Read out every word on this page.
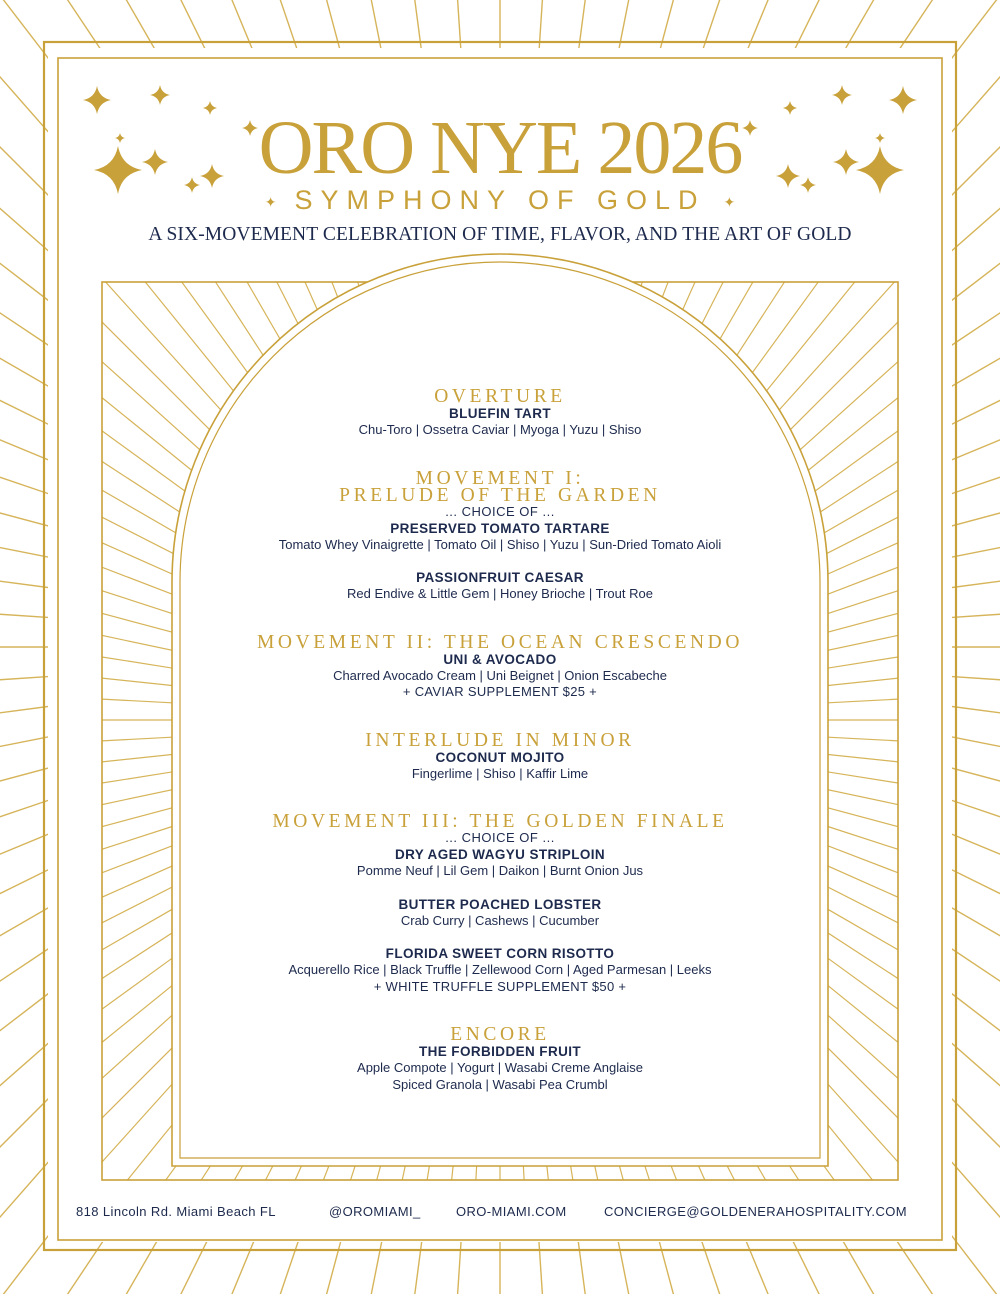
ORO NYE 2026
✦ SYMPHONY OF GOLD ✦
A SIX-MOVEMENT CELEBRATION OF TIME, FLAVOR, AND THE ART OF GOLD
OVERTURE
BLUEFIN TART
Chu-Toro | Ossetra Caviar | Myoga | Yuzu | Shiso
MOVEMENT I:
PRELUDE OF THE GARDEN
... CHOICE OF ...
PRESERVED TOMATO TARTARE
Tomato Whey Vinaigrette | Tomato Oil | Shiso | Yuzu | Sun-Dried Tomato Aioli
PASSIONFRUIT CAESAR
Red Endive & Little Gem | Honey Brioche | Trout Roe
MOVEMENT II: THE OCEAN CRESCENDO
UNI & AVOCADO
Charred Avocado Cream | Uni Beignet | Onion Escabeche
+ CAVIAR SUPPLEMENT $25 +
INTERLUDE IN MINOR
COCONUT MOJITO
Fingerlime | Shiso | Kaffir Lime
MOVEMENT III: THE GOLDEN FINALE
... CHOICE OF ...
DRY AGED WAGYU STRIPLOIN
Pomme Neuf | Lil Gem | Daikon | Burnt Onion Jus
BUTTER POACHED LOBSTER
Crab Curry | Cashews | Cucumber
FLORIDA SWEET CORN RISOTTO
Acquerello Rice | Black Truffle | Zellewood Corn | Aged Parmesan | Leeks
+ WHITE TRUFFLE SUPPLEMENT $50 +
ENCORE
THE FORBIDDEN FRUIT
Apple Compote | Yogurt | Wasabi Creme Anglaise
Spiced Granola | Wasabi Pea Crumbl
818 Lincoln Rd. Miami Beach FL	@OROMIAMI_	ORO-MIAMI.COM	CONCIERGE@GOLDENERAHOSPITALITY.COM
